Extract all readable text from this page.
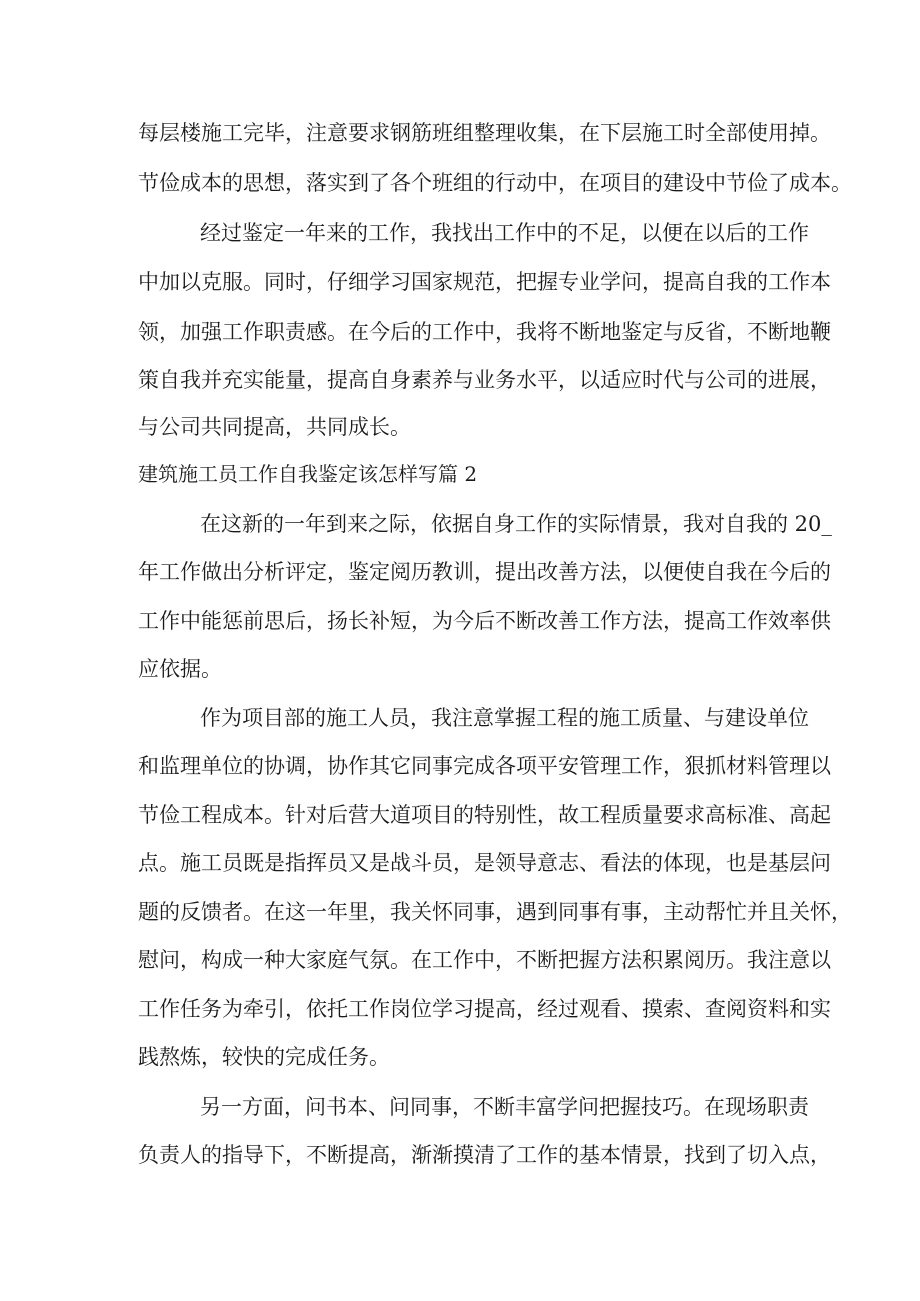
每层楼施工完毕，注意要求钢筋班组整理收集，在下层施工时全部使用掉。
节俭成本的思想，落实到了各个班组的行动中，在项目的建设中节俭了成本。
经过鉴定一年来的工作，我找出工作中的不足，以便在以后的工作
中加以克服。同时，仔细学习国家规范，把握专业学问，提高自我的工作本
领，加强工作职责感。在今后的工作中，我将不断地鉴定与反省，不断地鞭
策自我并充实能量，提高自身素养与业务水平，以适应时代与公司的进展，
与公司共同提高，共同成长。
建筑施工员工作自我鉴定该怎样写篇 2
在这新的一年到来之际，依据自身工作的实际情景，我对自我的 20_
年工作做出分析评定，鉴定阅历教训，提出改善方法，以便使自我在今后的
工作中能惩前思后，扬长补短，为今后不断改善工作方法，提高工作效率供
应依据。
作为项目部的施工人员，我注意掌握工程的施工质量、与建设单位
和监理单位的协调，协作其它同事完成各项平安管理工作，狠抓材料管理以
节俭工程成本。针对后营大道项目的特别性，故工程质量要求高标准、高起
点。施工员既是指挥员又是战斗员，是领导意志、看法的体现，也是基层问
题的反馈者。在这一年里，我关怀同事，遇到同事有事，主动帮忙并且关怀，
慰问，构成一种大家庭气氛。在工作中，不断把握方法积累阅历。我注意以
工作任务为牵引，依托工作岗位学习提高，经过观看、摸索、查阅资料和实
践熬炼，较快的完成任务。
另一方面，问书本、问同事，不断丰富学问把握技巧。在现场职责
负责人的指导下，不断提高，渐渐摸清了工作的基本情景，找到了切入点，
